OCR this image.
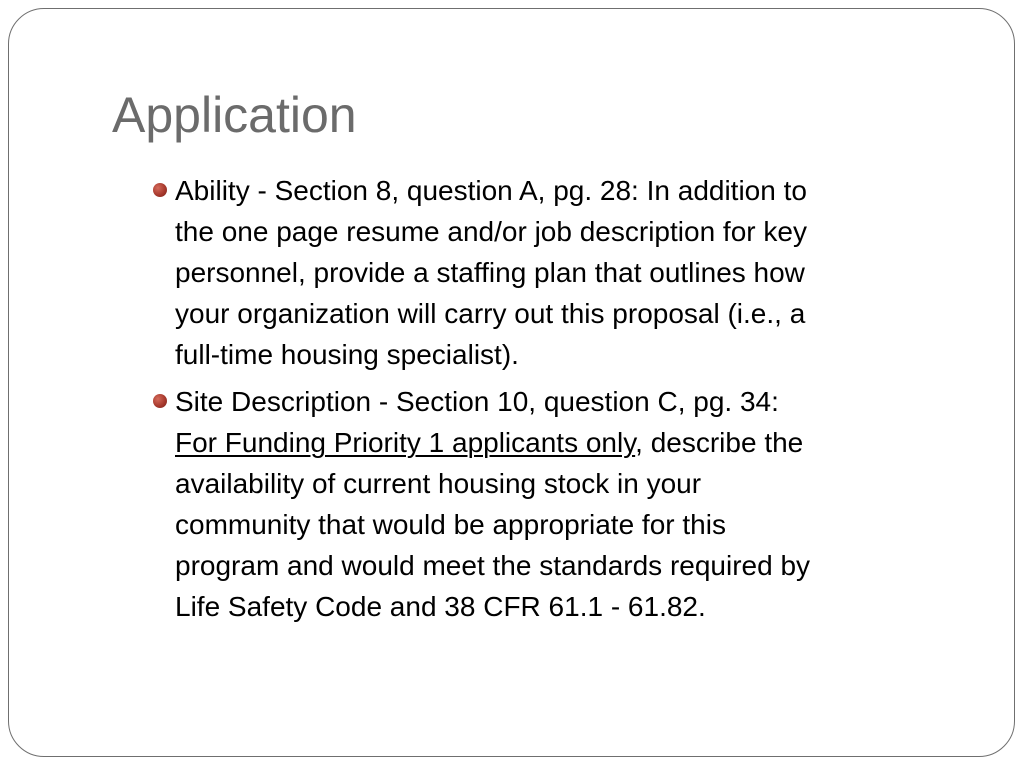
Application
Ability - Section 8, question A, pg. 28: In addition to
the one page resume and/or job description for key
personnel, provide a staffing plan that outlines how
your organization will carry out this proposal (i.e., a
full-time housing specialist).
Site Description - Section 10, question C, pg. 34:
For Funding Priority 1 applicants only, describe the
availability of current housing stock in your
community that would be appropriate for this
program and would meet the standards required by
Life Safety Code and 38 CFR 61.1 - 61.82.
